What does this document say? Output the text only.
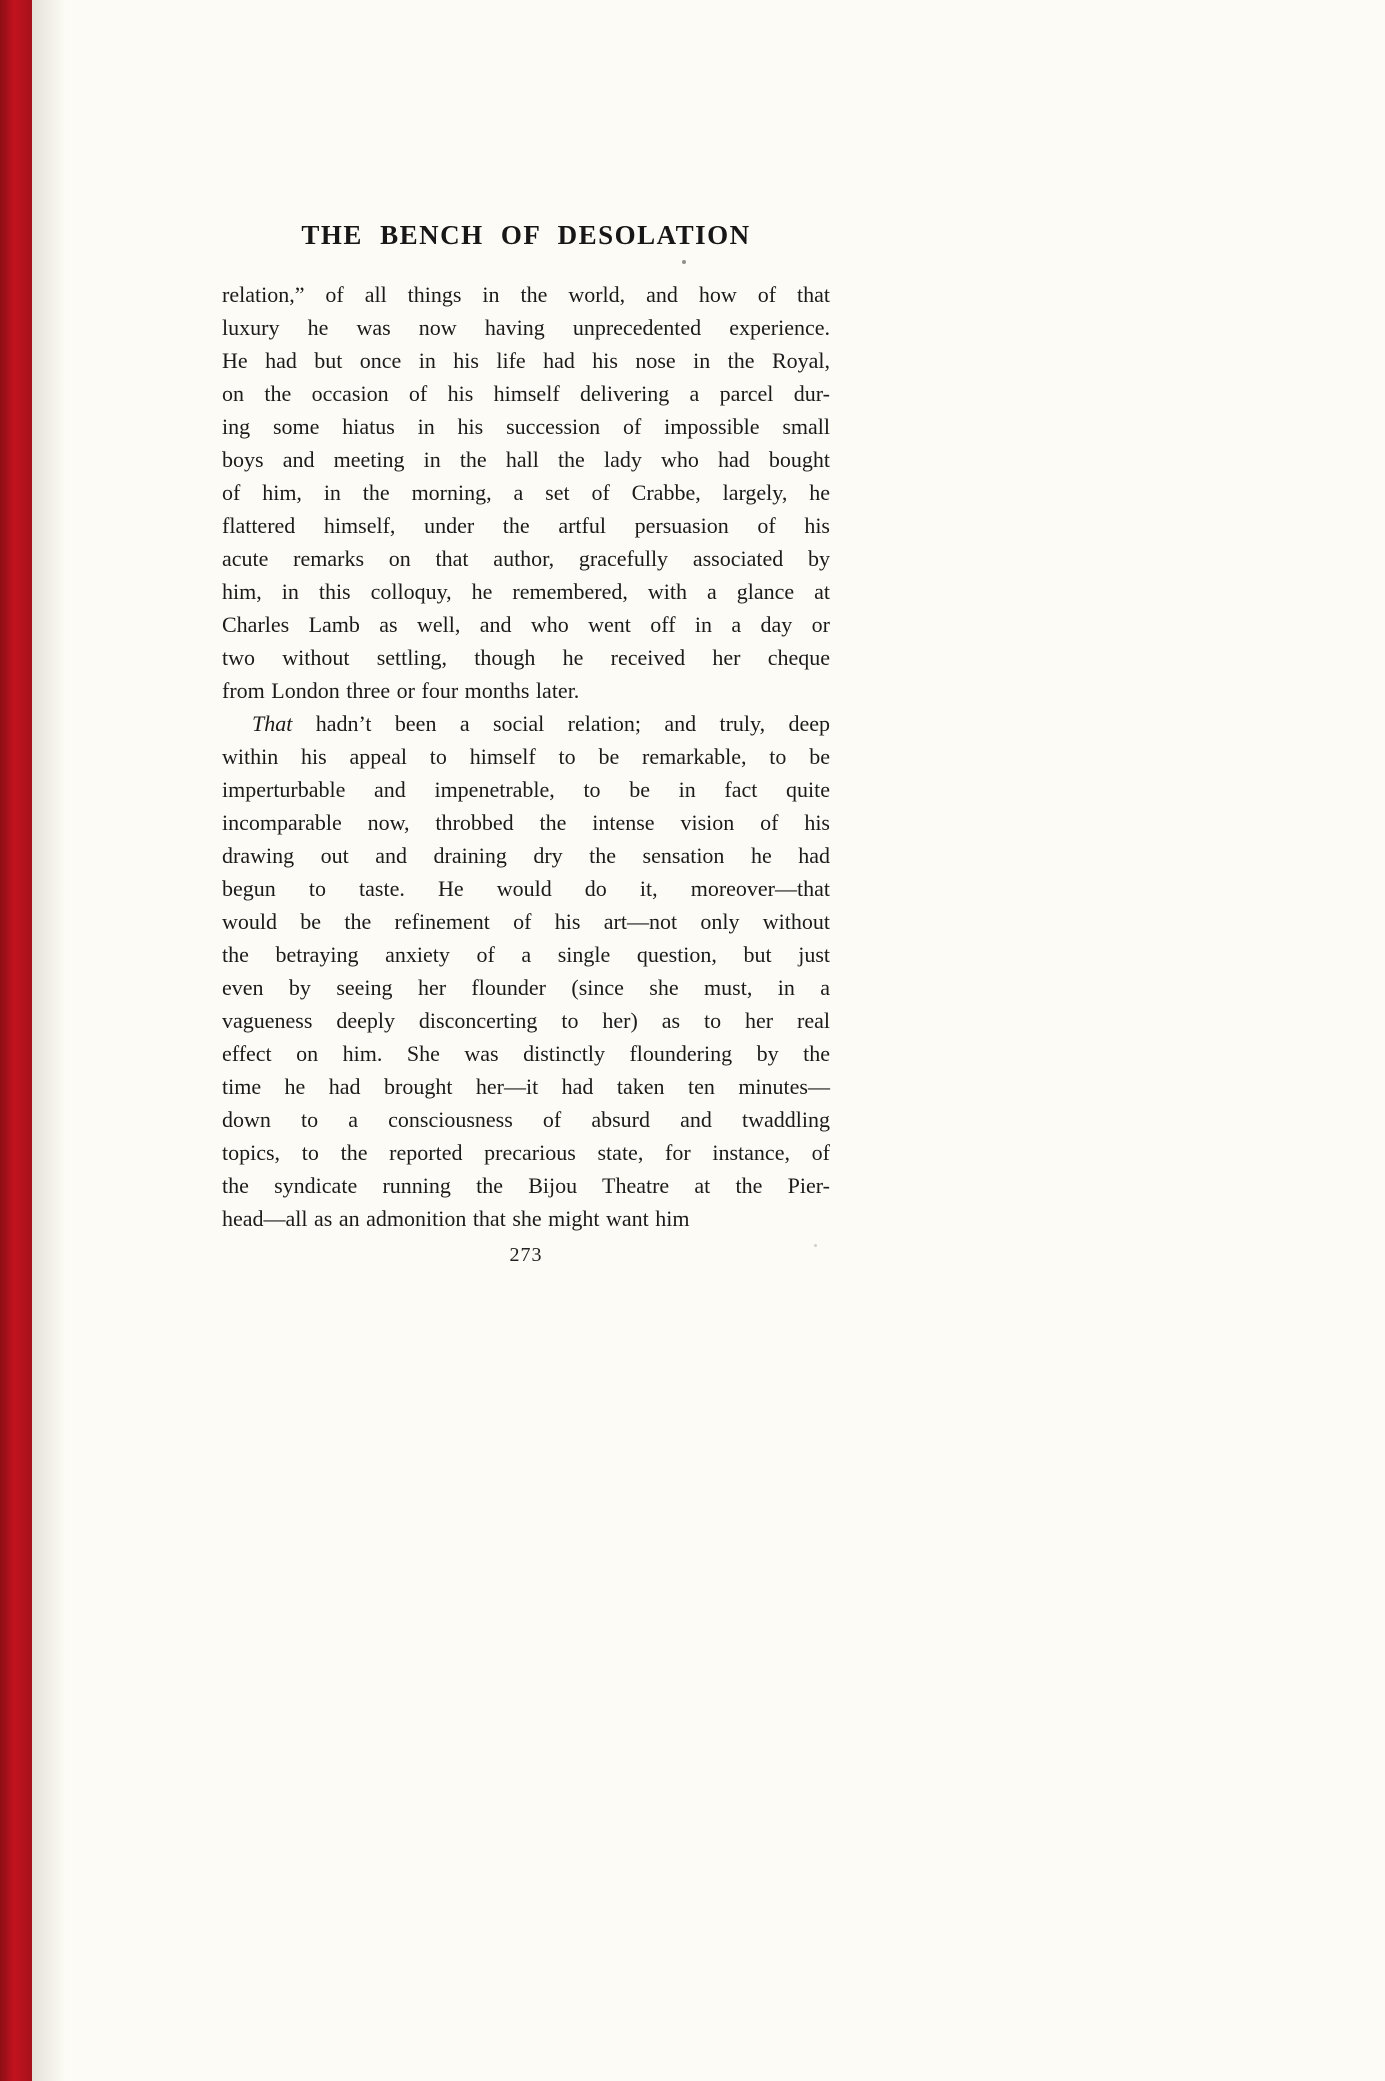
THE BENCH OF DESOLATION
relation,” of all things in the world, and how of that
luxury he was now having unprecedented experience.
He had but once in his life had his nose in the Royal,
on the occasion of his himself delivering a parcel dur-
ing some hiatus in his succession of impossible small
boys and meeting in the hall the lady who had bought
of him, in the morning, a set of Crabbe, largely, he
flattered himself, under the artful persuasion of his
acute remarks on that author, gracefully associated by
him, in this colloquy, he remembered, with a glance at
Charles Lamb as well, and who went off in a day or
two without settling, though he received her cheque
from London three or four months later.
That hadn’t been a social relation; and truly, deep
within his appeal to himself to be remarkable, to be
imperturbable and impenetrable, to be in fact quite
incomparable now, throbbed the intense vision of his
drawing out and draining dry the sensation he had
begun to taste. He would do it, moreover—that
would be the refinement of his art—not only without
the betraying anxiety of a single question, but just
even by seeing her flounder (since she must, in a
vagueness deeply disconcerting to her) as to her real
effect on him. She was distinctly floundering by the
time he had brought her—it had taken ten minutes—
down to a consciousness of absurd and twaddling
topics, to the reported precarious state, for instance, of
the syndicate running the Bijou Theatre at the Pier-
head—all as an admonition that she might want him
273
